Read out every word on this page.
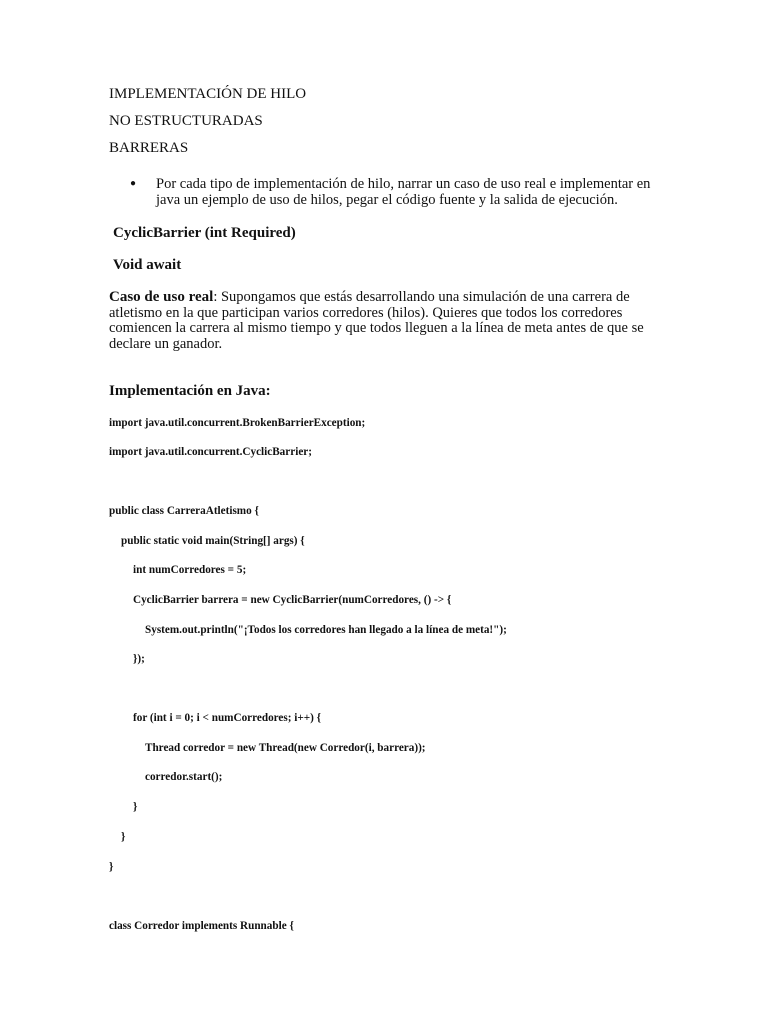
IMPLEMENTACIÓN DE HILO
NO ESTRUCTURADAS
BARRERAS
●	Por cada tipo de implementación de hilo, narrar un caso de uso real e implementar en java un ejemplo de uso de hilos, pegar el código fuente y la salida de ejecución.
CyclicBarrier (int Required)
Void await
Caso de uso real: Supongamos que estás desarrollando una simulación de una carrera de atletismo en la que participan varios corredores (hilos). Quieres que todos los corredores comiencen la carrera al mismo tiempo y que todos lleguen a la línea de meta antes de que se declare un ganador.
Implementación en Java:
import java.util.concurrent.BrokenBarrierException;
import java.util.concurrent.CyclicBarrier;
public class CarreraAtletismo {
public static void main(String[] args) {
int numCorredores = 5;
CyclicBarrier barrera = new CyclicBarrier(numCorredores, () -> {
System.out.println("¡Todos los corredores han llegado a la línea de meta!");
});
for (int i = 0; i < numCorredores; i++) {
Thread corredor = new Thread(new Corredor(i, barrera));
corredor.start();
}
}
}
class Corredor implements Runnable {
